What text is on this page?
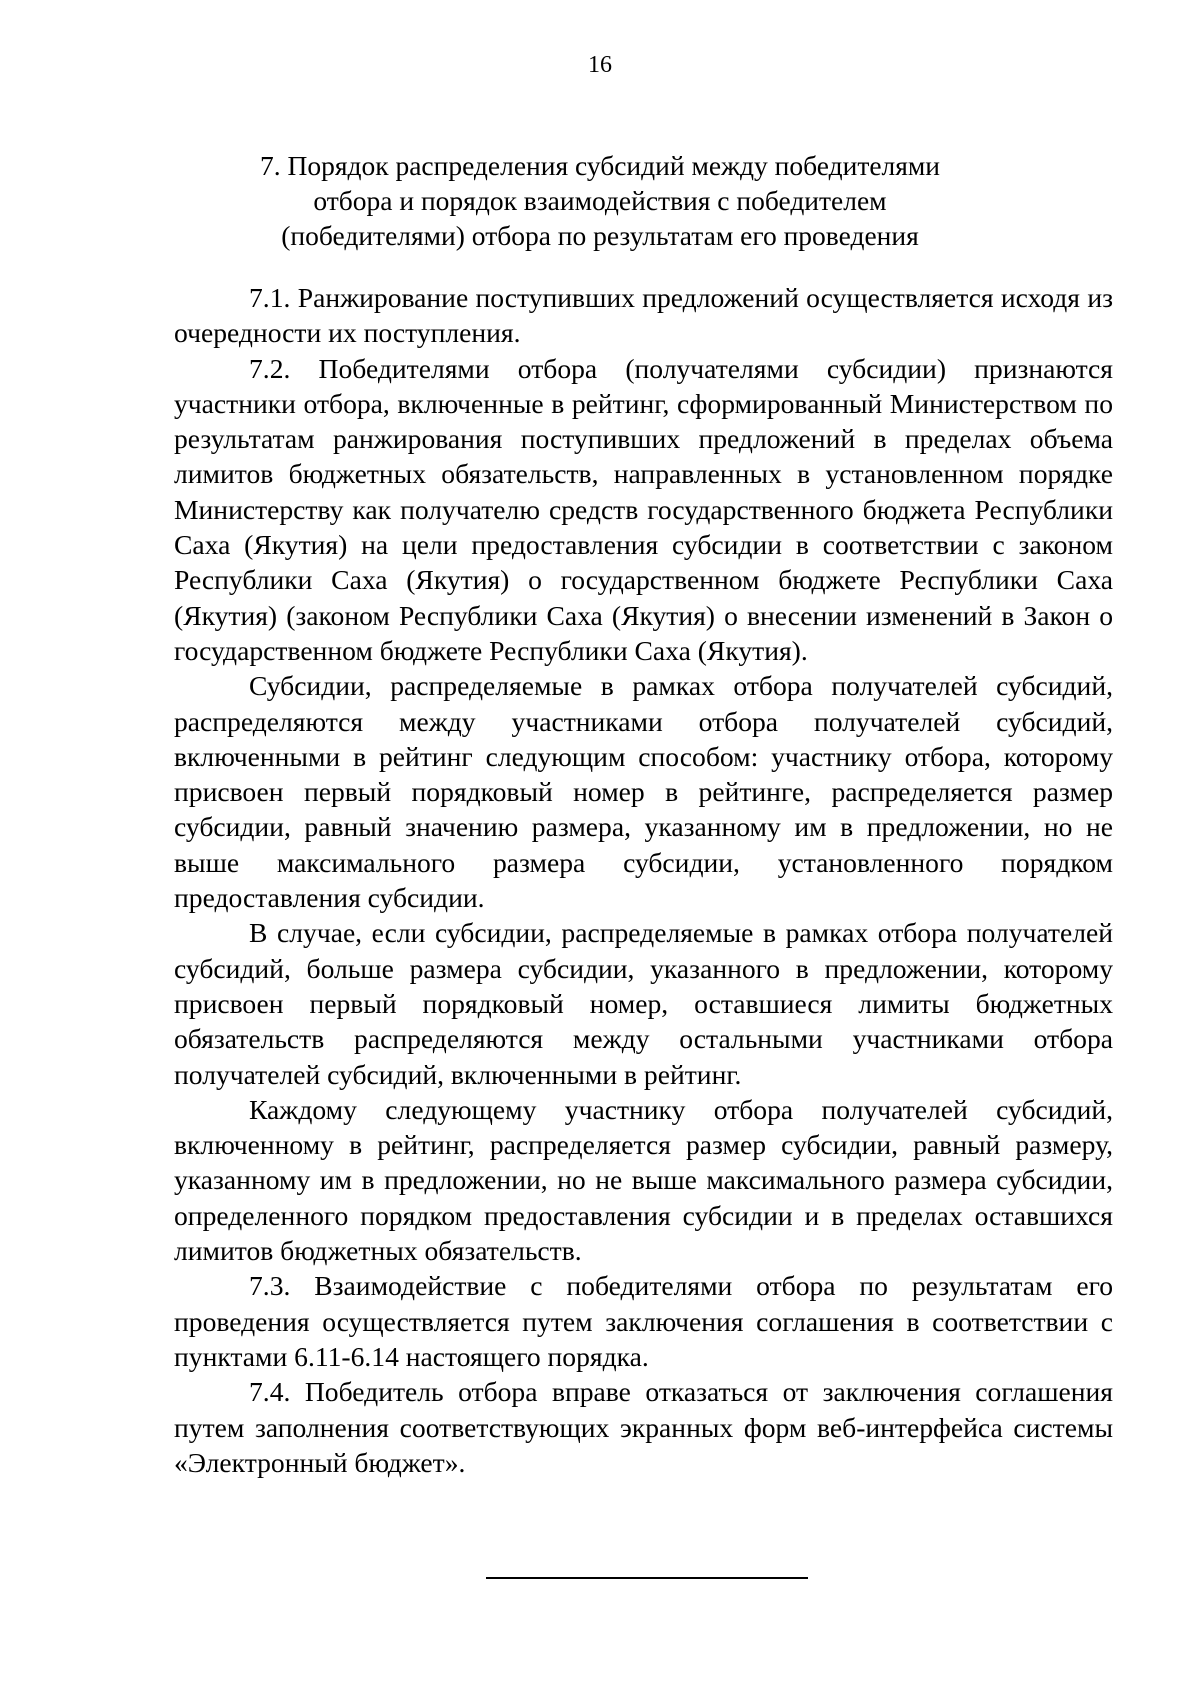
16
7. Порядок распределения субсидий между победителями
отбора и порядок взаимодействия с победителем
(победителями) отбора по результатам его проведения

7.1. Ранжирование поступивших предложений осуществляется исходя из очередности их поступления.

7.2. Победителями отбора (получателями субсидии) признаются участники отбора, включенные в рейтинг, сформированный Министерством по результатам ранжирования поступивших предложений в пределах объема лимитов бюджетных обязательств, направленных в установленном порядке Министерству как получателю средств государственного бюджета Республики Саха (Якутия) на цели предоставления субсидии в соответствии с законом Республики Саха (Якутия) о государственном бюджете Республики Саха (Якутия) (законом Республики Саха (Якутия) о внесении изменений в Закон о государственном бюджете Республики Саха (Якутия).

Субсидии, распределяемые в рамках отбора получателей субсидий, распределяются между участниками отбора получателей субсидий, включенными в рейтинг следующим способом: участнику отбора, которому присвоен первый порядковый номер в рейтинге, распределяется размер субсидии, равный значению размера, указанному им в предложении, но не выше максимального размера субсидии, установленного порядком предоставления субсидии.

В случае, если субсидии, распределяемые в рамках отбора получателей субсидий, больше размера субсидии, указанного в предложении, которому присвоен первый порядковый номер, оставшиеся лимиты бюджетных обязательств распределяются между остальными участниками отбора получателей субсидий, включенными в рейтинг.

Каждому следующему участнику отбора получателей субсидий, включенному в рейтинг, распределяется размер субсидии, равный размеру, указанному им в предложении, но не выше максимального размера субсидии, определенного порядком предоставления субсидии и в пределах оставшихся лимитов бюджетных обязательств.

7.3. Взаимодействие с победителями отбора по результатам его проведения осуществляется путем заключения соглашения в соответствии с пунктами 6.11-6.14 настоящего порядка.

7.4. Победитель отбора вправе отказаться от заключения соглашения путем заполнения соответствующих экранных форм веб-интерфейса системы «Электронный бюджет».
